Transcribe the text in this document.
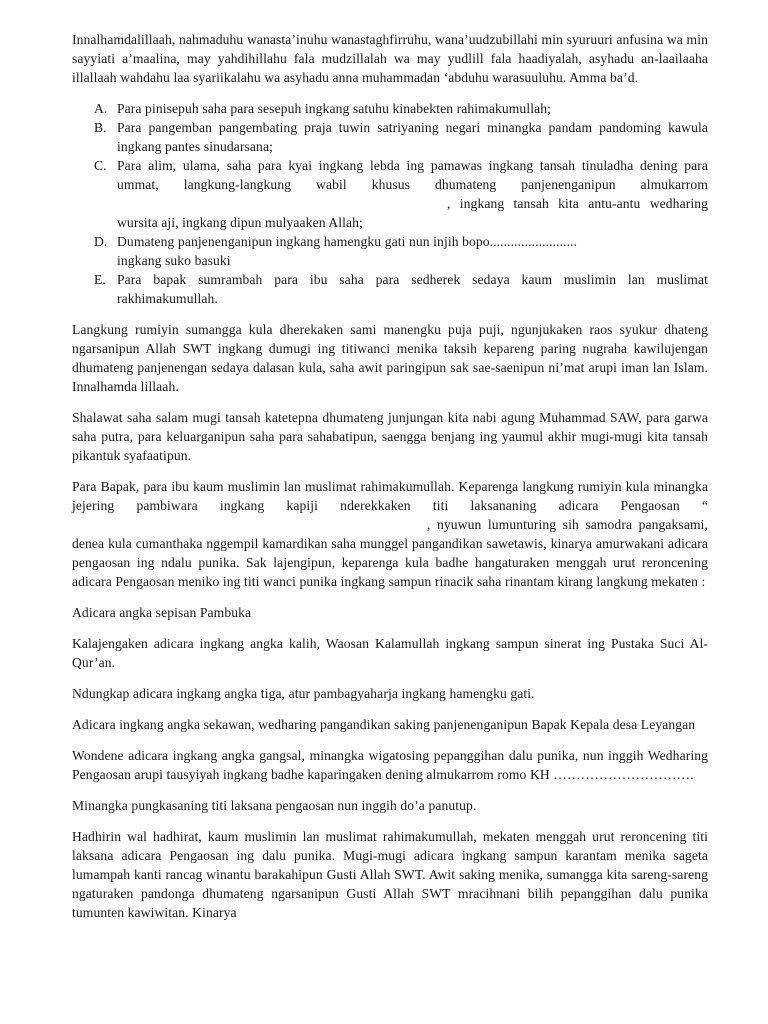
Innalhamdalillaah, nahmaduhu wanasta’inuhu wanastaghfirruhu, wana’uudzubillahi min syuruuri anfusina wa min sayyiati a’maalina, may yahdihillahu fala mudzillalah wa may yudlill fala haadiyalah, asyhadu an-laailaaha illallaah wahdahu laa syariikalahu wa asyhadu anna muhammadan ‘abduhu warasuuluhu. Amma ba’d.

A. Para pinisepuh saha para sesepuh ingkang satuhu kinabekten rahimakumullah;
B. Para pangemban pangembating praja tuwin satriyaning negari minangka pandam pandoming kawula ingkang pantes sinudarsana;
C. Para alim, ulama, saha para kyai ingkang lebda ing pamawas ingkang tansah tinuladha dening para ummat, langkung-langkung wabil khusus dhumateng panjenenganipun almukarrom, ingkang tansah kita antu-antu wedharing wursita aji, ingkang dipun mulyaaken Allah;
D. Dumateng panjenenganipun ingkang hamengku gati nun injih bopo.........................
ingkang suko basuki
E. Para bapak sumrambah para ibu saha para sedherek sedaya kaum muslimin lan muslimat rakhimakumullah.

Langkung rumiyin sumangga kula dherekaken sami manengku puja puji, ngunjukaken raos syukur dhateng ngarsanipun Allah SWT ingkang dumugi ing titiwanci menika taksih kepareng paring nugraha kawilujengan dhumateng panjenengan sedaya dalasan kula, saha awit paringipun sak sae-saenipun ni’mat arupi iman lan Islam. Innalhamda lillaah.

Shalawat saha salam mugi tansah katetepna dhumateng junjungan kita nabi agung Muhammad SAW, para garwa saha putra, para keluarganipun saha para sahabatipun, saengga benjang ing yaumul akhir mugi-mugi kita tansah pikantuk syafaatipun.

Para Bapak, para ibu kaum muslimin lan muslimat rahimakumullah. Keparenga langkung rumiyin kula minangka jejering pambiwara ingkang kapiji nderekkaken titi laksananing adicara Pengaosan “, nyuwun lumunturing sih samodra pangaksami, denea kula cumanthaka nggempil kamardikan saha munggel pangandikan sawetawis, kinarya amurwakani adicara pengaosan ing ndalu punika. Sak lajengipun, keparenga kula badhe hangaturaken menggah urut reroncening adicara Pengaosan meniko ing titi wanci punika ingkang sampun rinacik saha rinantam kirang langkung mekaten :

Adicara angka sepisan Pambuka

Kalajengaken adicara ingkang angka kalih, Waosan Kalamullah ingkang sampun sinerat ing Pustaka Suci Al-Qur’an.

Ndungkap adicara ingkang angka tiga, atur pambagyaharja ingkang hamengku gati.

Adicara ingkang angka sekawan, wedharing pangandikan saking panjenenganipun Bapak Kepala desa Leyangan

Wondene adicara ingkang angka gangsal, minangka wigatosing pepanggihan dalu punika, nun inggih Wedharing Pengaosan arupi tausyiyah ingkang badhe kaparingaken dening almukarrom romo KH ………………………….

Minangka pungkasaning titi laksana pengaosan nun inggih do’a panutup.

Hadhirin wal hadhirat, kaum muslimin lan muslimat rahimakumullah, mekaten menggah urut reroncening titi laksana adicara Pengaosan ing dalu punika. Mugi-mugi adicara ingkang sampun karantam menika sageta lumampah kanti rancag winantu barakahipun Gusti Allah SWT. Awit saking menika, sumangga kita sareng-sareng ngaturaken pandonga dhumateng ngarsanipun Gusti Allah SWT mracihnani bilih pepanggihan dalu punika tumunten kawiwitan. Kinarya
